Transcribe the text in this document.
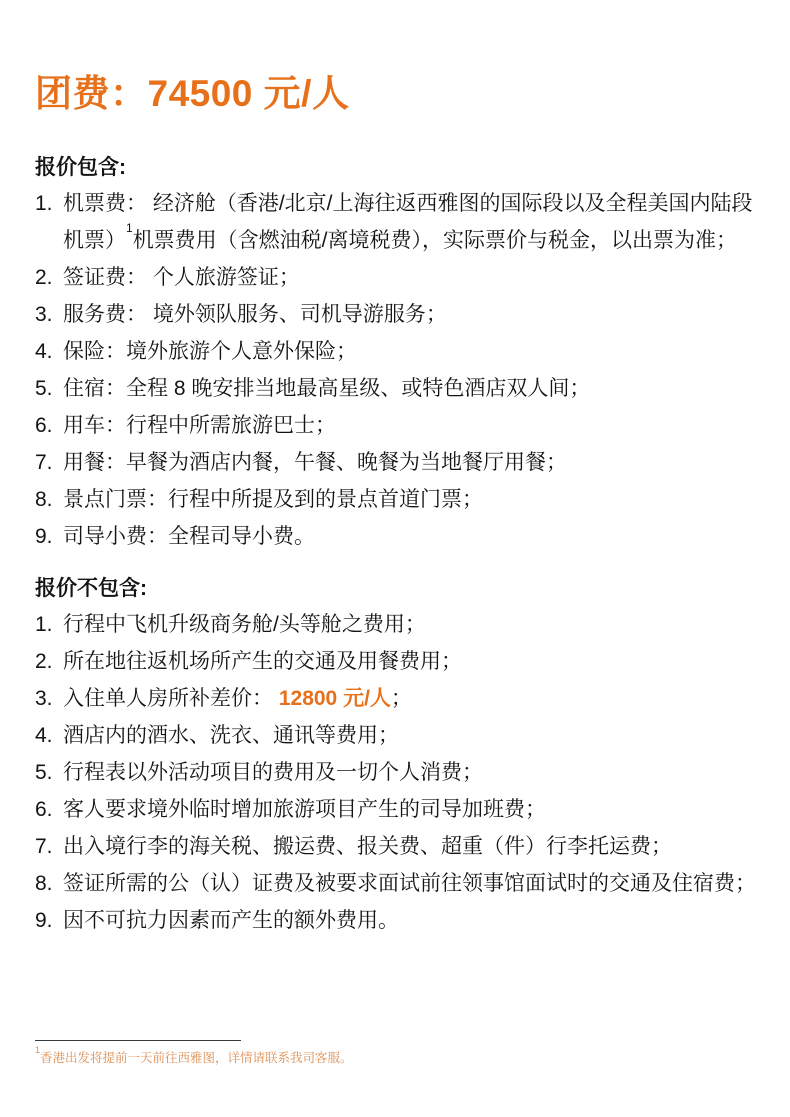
团费：74500 元/人
报价包含:
1. 机票费： 经济舱（香港/北京/上海往返西雅图的国际段以及全程美国内陆段
机票）$^1$机票费用（含燃油税/离境税费），实际票价与税金，以出票为准；
2. 签证费： 个人旅游签证；
3. 服务费： 境外领队服务、司机导游服务；
4. 保险：境外旅游个人意外保险；
5. 住宿：全程 8 晚安排当地最高星级、或特色酒店双人间；
6. 用车：行程中所需旅游巴士；
7. 用餐：早餐为酒店内餐，午餐、晚餐为当地餐厅用餐；
8. 景点门票：行程中所提及到的景点首道门票；
9. 司导小费：全程司导小费。
报价不包含:
1. 行程中飞机升级商务舱/头等舱之费用；
2. 所在地往返机场所产生的交通及用餐费用；
3. 入住单人房所补差价： 12800 元/人；
4. 酒店内的酒水、洗衣、通讯等费用；
5. 行程表以外活动项目的费用及一切个人消费；
6. 客人要求境外临时增加旅游项目产生的司导加班费；
7. 出入境行李的海关税、搬运费、报关费、超重（件）行李托运费；
8. 签证所需的公（认）证费及被要求面试前往领事馆面试时的交通及住宿费；
9. 因不可抗力因素而产生的额外费用。
$^1$香港出发将提前一天前往西雅图，详情请联系我司客服。
